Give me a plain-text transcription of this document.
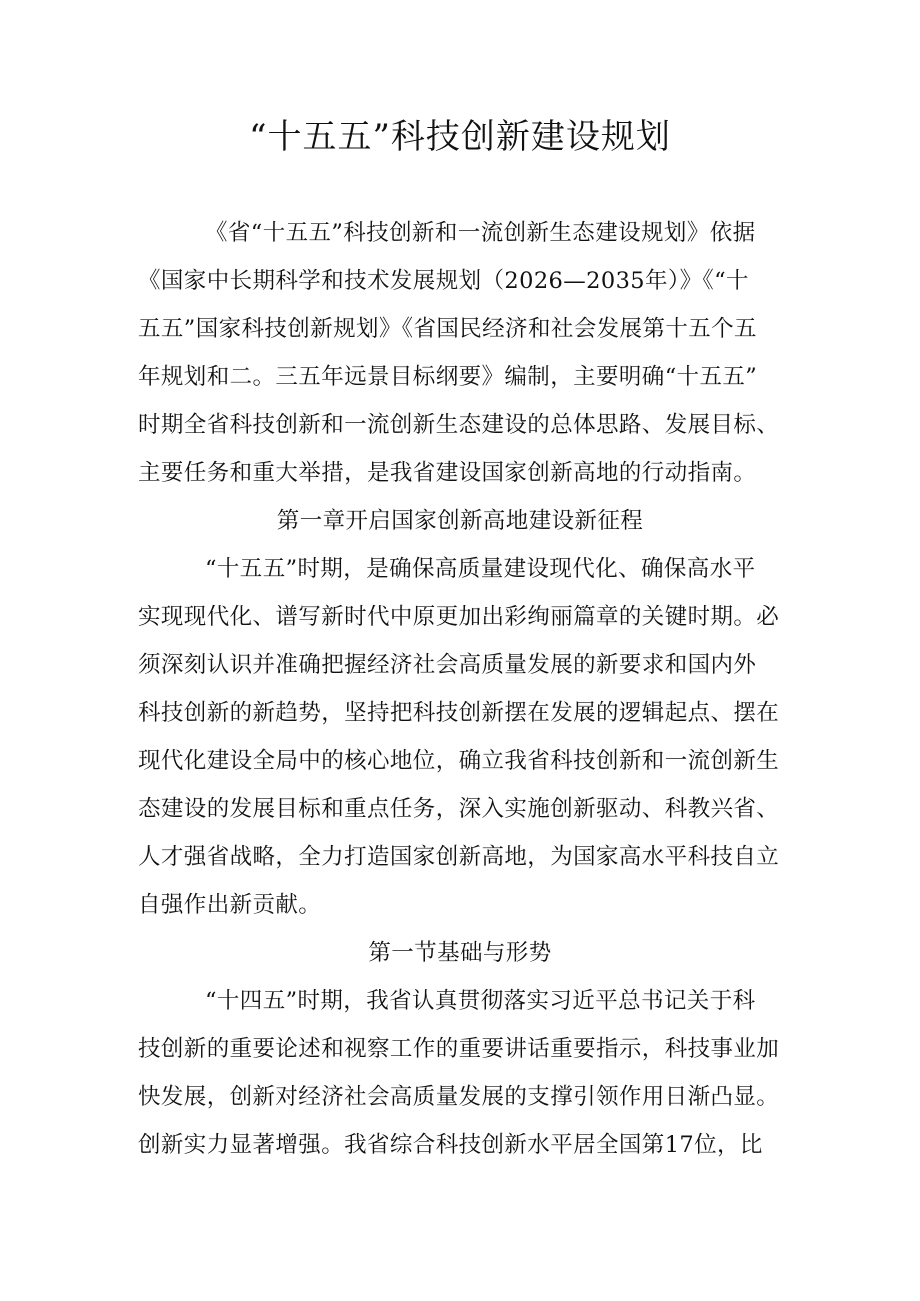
“十五五”科技创新建设规划
《省“十五五”科技创新和一流创新生态建设规划》依据
《国家中长期科学和技术发展规划（2026—2035年）》《“十
五五”国家科技创新规划》《省国民经济和社会发展第十五个五
年规划和二。三五年远景目标纲要》编制，主要明确“十五五”
时期全省科技创新和一流创新生态建设的总体思路、发展目标、
主要任务和重大举措，是我省建设国家创新高地的行动指南。
第一章开启国家创新高地建设新征程
“十五五”时期，是确保高质量建设现代化、确保高水平
实现现代化、谱写新时代中原更加出彩绚丽篇章的关键时期。必
须深刻认识并准确把握经济社会高质量发展的新要求和国内外
科技创新的新趋势，坚持把科技创新摆在发展的逻辑起点、摆在
现代化建设全局中的核心地位，确立我省科技创新和一流创新生
态建设的发展目标和重点任务，深入实施创新驱动、科教兴省、
人才强省战略，全力打造国家创新高地，为国家高水平科技自立
自强作出新贡献。
第一节基础与形势
“十四五”时期，我省认真贯彻落实习近平总书记关于科
技创新的重要论述和视察工作的重要讲话重要指示，科技事业加
快发展，创新对经济社会高质量发展的支撑引领作用日渐凸显。
创新实力显著增强。我省综合科技创新水平居全国第17位，比
